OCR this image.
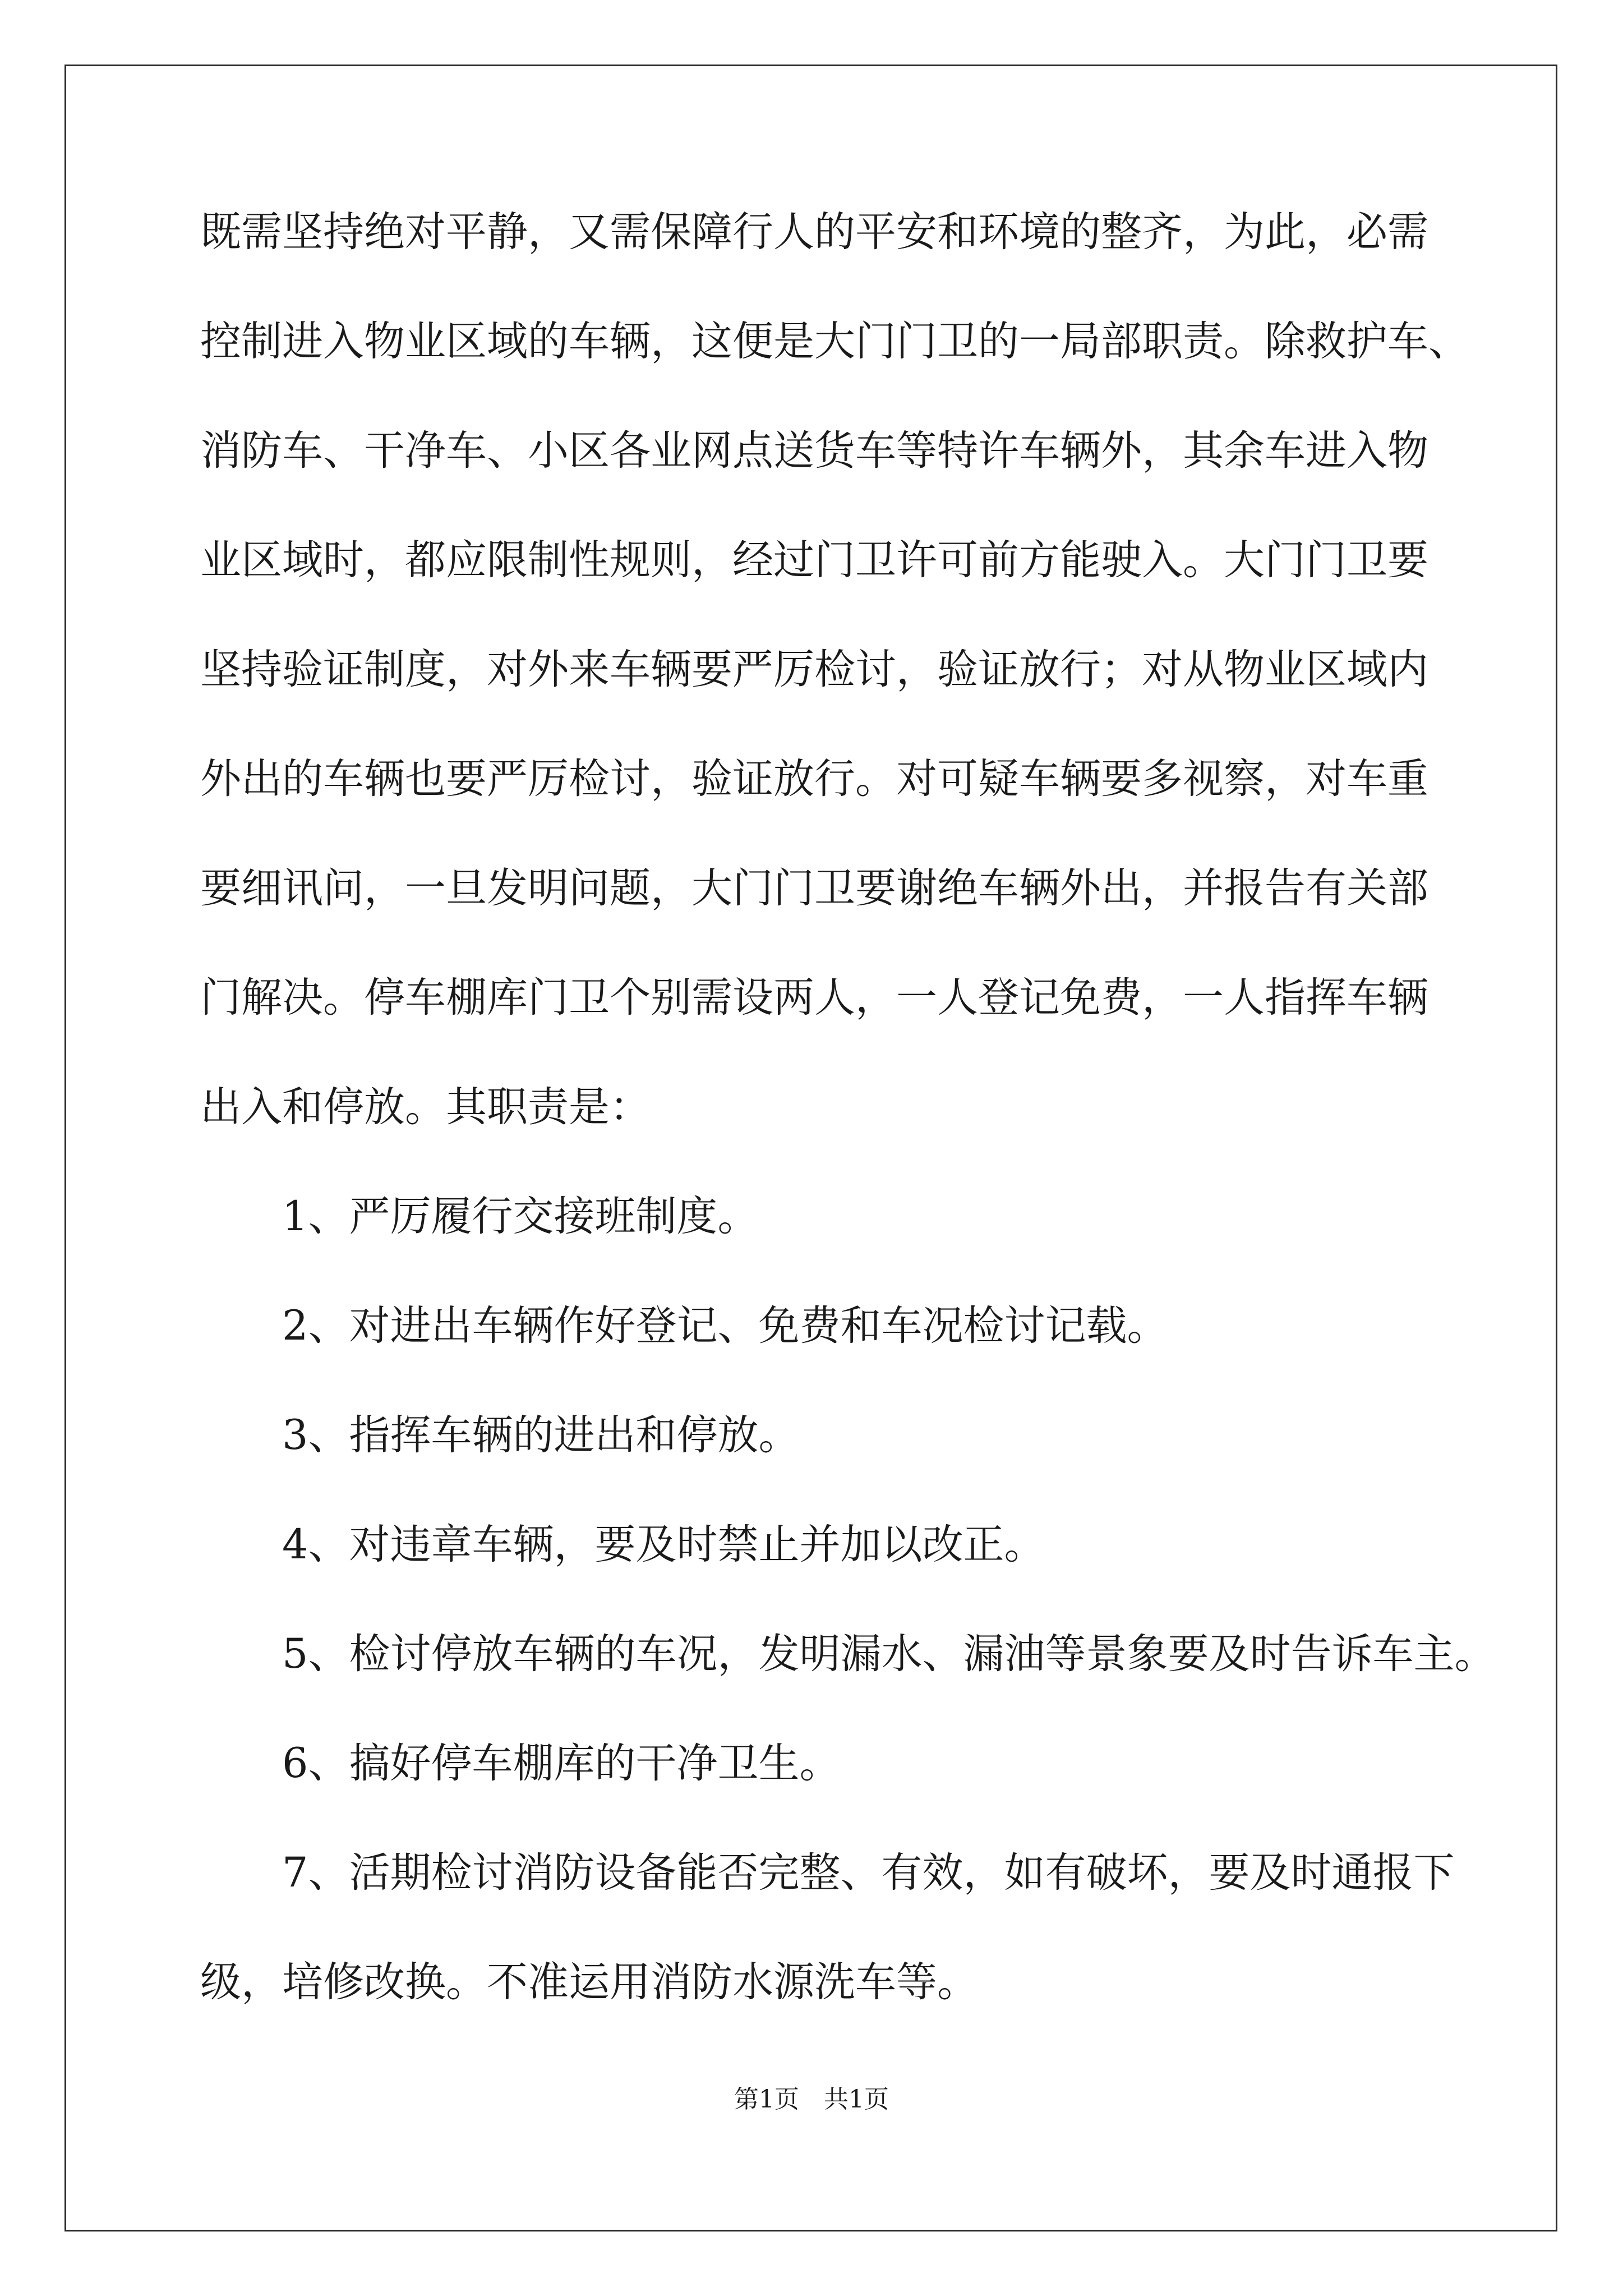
既需坚持绝对平静，又需保障行人的平安和环境的整齐，为此，必需
控制进入物业区域的车辆，这便是大门门卫的一局部职责。除救护车、
消防车、干净车、小区各业网点送货车等特许车辆外，其余车进入物
业区域时，都应限制性规则，经过门卫许可前方能驶入。大门门卫要
坚持验证制度，对外来车辆要严厉检讨，验证放行；对从物业区域内
外出的车辆也要严厉检讨，验证放行。对可疑车辆要多视察，对车重
要细讯问，一旦发明问题，大门门卫要谢绝车辆外出，并报告有关部
门解决。停车棚库门卫个别需设两人，一人登记免费，一人指挥车辆
出入和停放。其职责是：
1、严厉履行交接班制度。
2、对进出车辆作好登记、免费和车况检讨记载。
3、指挥车辆的进出和停放。
4、对违章车辆，要及时禁止并加以改正。
5、检讨停放车辆的车况，发明漏水、漏油等景象要及时告诉车主。
6、搞好停车棚库的干净卫生。
7、活期检讨消防设备能否完整、有效，如有破坏，要及时通报下
级，培修改换。不准运用消防水源洗车等。
第1页 共1页
